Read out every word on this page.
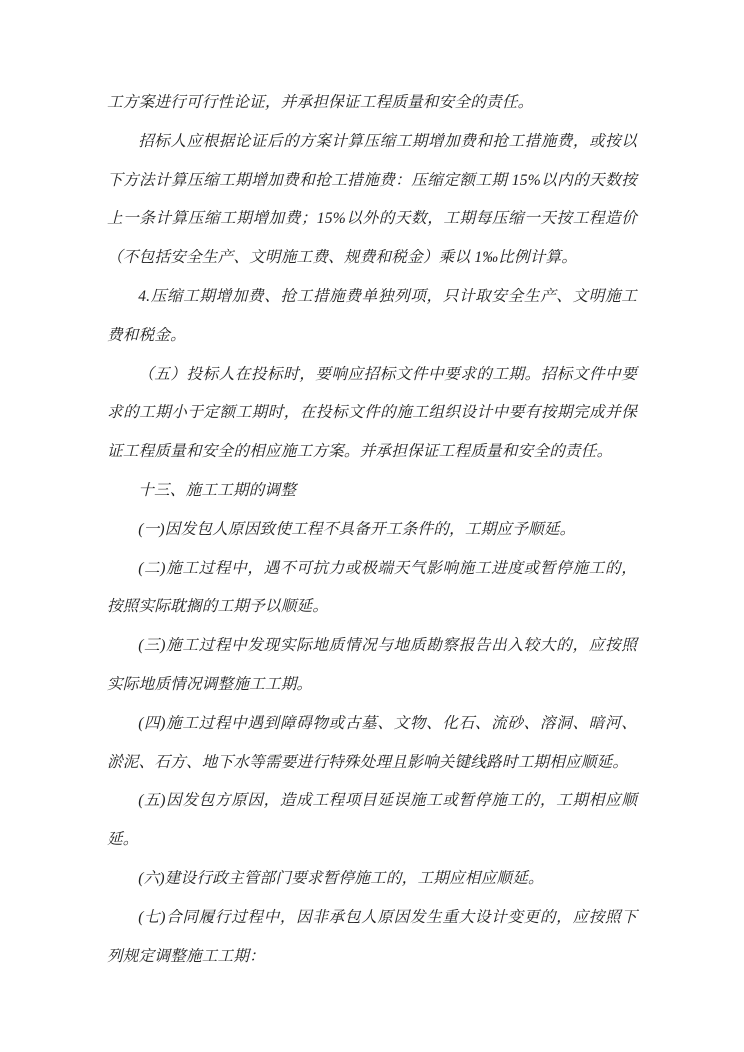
工方案进行可行性论证，并承担保证工程质量和安全的责任。

招标人应根据论证后的方案计算压缩工期增加费和抢工措施费，或按以下方法计算压缩工期增加费和抢工措施费：压缩定额工期 15%以内的天数按上一条计算压缩工期增加费；15%以外的天数，工期每压缩一天按工程造价（不包括安全生产、文明施工费、规费和税金）乘以 1‰比例计算。

4.压缩工期增加费、抢工措施费单独列项，只计取安全生产、文明施工费和税金。

（五）投标人在投标时，要响应招标文件中要求的工期。招标文件中要求的工期小于定额工期时，在投标文件的施工组织设计中要有按期完成并保证工程质量和安全的相应施工方案。并承担保证工程质量和安全的责任。

十三、施工工期的调整

(一)因发包人原因致使工程不具备开工条件的，工期应予顺延。

(二)施工过程中，遇不可抗力或极端天气影响施工进度或暂停施工的，按照实际耽搁的工期予以顺延。

(三)施工过程中发现实际地质情况与地质勘察报告出入较大的，应按照实际地质情况调整施工工期。

(四)施工过程中遇到障碍物或古墓、文物、化石、流砂、溶洞、暗河、淤泥、石方、地下水等需要进行特殊处理且影响关键线路时工期相应顺延。

(五)因发包方原因，造成工程项目延误施工或暂停施工的，工期相应顺延。

(六)建设行政主管部门要求暂停施工的，工期应相应顺延。

(七)合同履行过程中，因非承包人原因发生重大设计变更的，应按照下列规定调整施工工期：
